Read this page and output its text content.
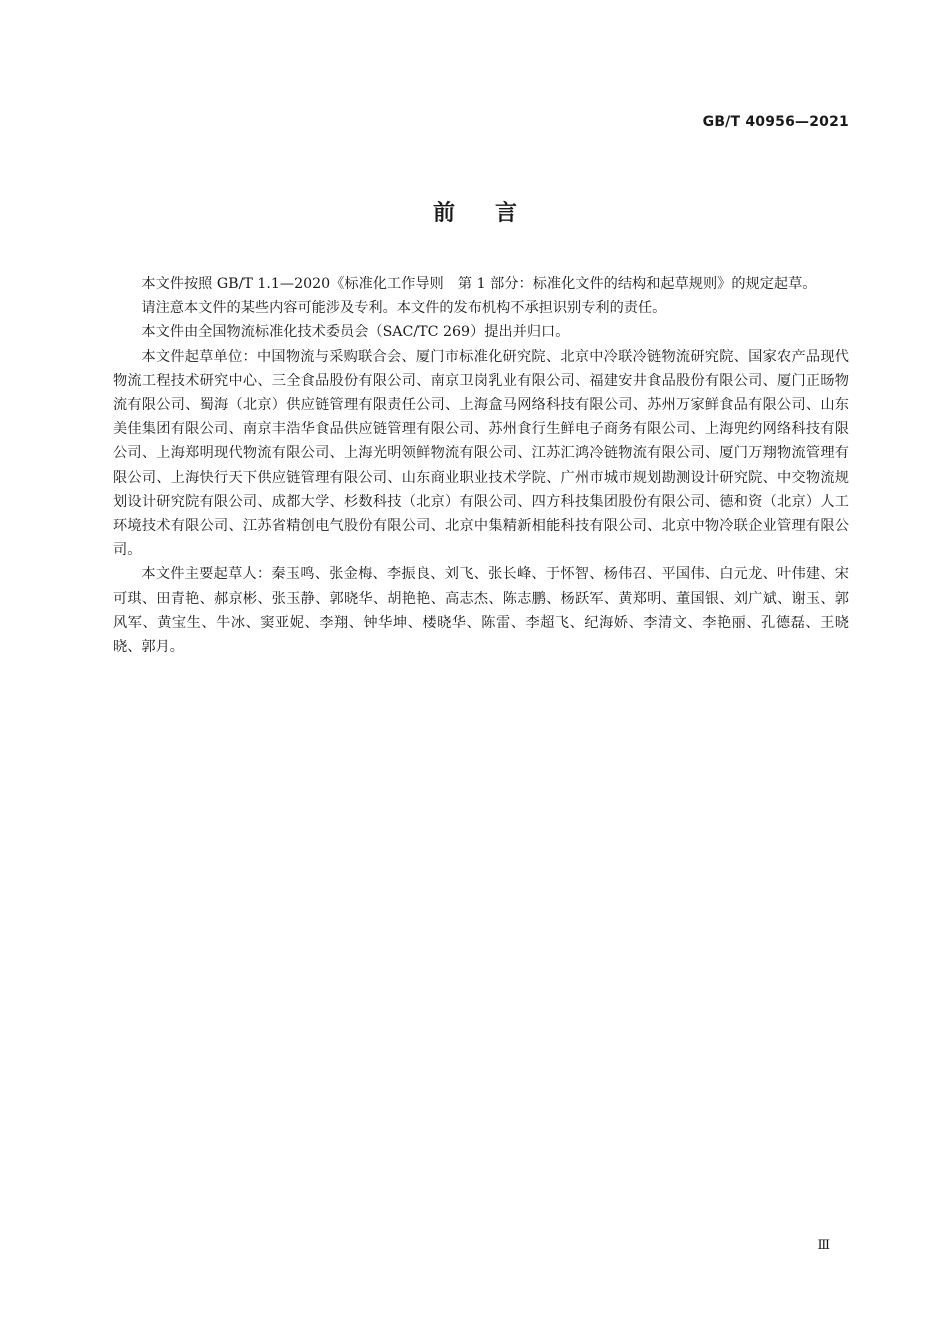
GB/T 40956—2021
前言

本文件按照 GB/T 1.1—2020《标准化工作导则　第 1 部分：标准化文件的结构和起草规则》的规定起草。

请注意本文件的某些内容可能涉及专利。本文件的发布机构不承担识别专利的责任。

本文件由全国物流标准化技术委员会（SAC/TC 269）提出并归口。

本文件起草单位：中国物流与采购联合会、厦门市标准化研究院、北京中冷联冷链物流研究院、国家农产品现代物流工程技术研究中心、三全食品股份有限公司、南京卫岗乳业有限公司、福建安井食品股份有限公司、厦门正旸物流有限公司、蜀海（北京）供应链管理有限责任公司、上海盒马网络科技有限公司、苏州万家鲜食品有限公司、山东美佳集团有限公司、南京丰浩华食品供应链管理有限公司、苏州食行生鲜电子商务有限公司、上海兜约网络科技有限公司、上海郑明现代物流有限公司、上海光明领鲜物流有限公司、江苏汇鸿冷链物流有限公司、厦门万翔物流管理有限公司、上海快行天下供应链管理有限公司、山东商业职业技术学院、广州市城市规划勘测设计研究院、中交物流规划设计研究院有限公司、成都大学、杉数科技（北京）有限公司、四方科技集团股份有限公司、德和资（北京）人工环境技术有限公司、江苏省精创电气股份有限公司、北京中集精新相能科技有限公司、北京中物冷联企业管理有限公司。

本文件主要起草人：秦玉鸣、张金梅、李振良、刘飞、张长峰、于怀智、杨伟召、平国伟、白元龙、叶伟建、宋可琪、田青艳、郝京彬、张玉静、郭晓华、胡艳艳、高志杰、陈志鹏、杨跃军、黄郑明、董国银、刘广斌、谢玉、郭风军、黄宝生、牛冰、窦亚妮、李翔、钟华坤、楼晓华、陈雷、李超飞、纪海娇、李清文、李艳丽、孔德磊、王晓晓、郭月。

Ⅲ
